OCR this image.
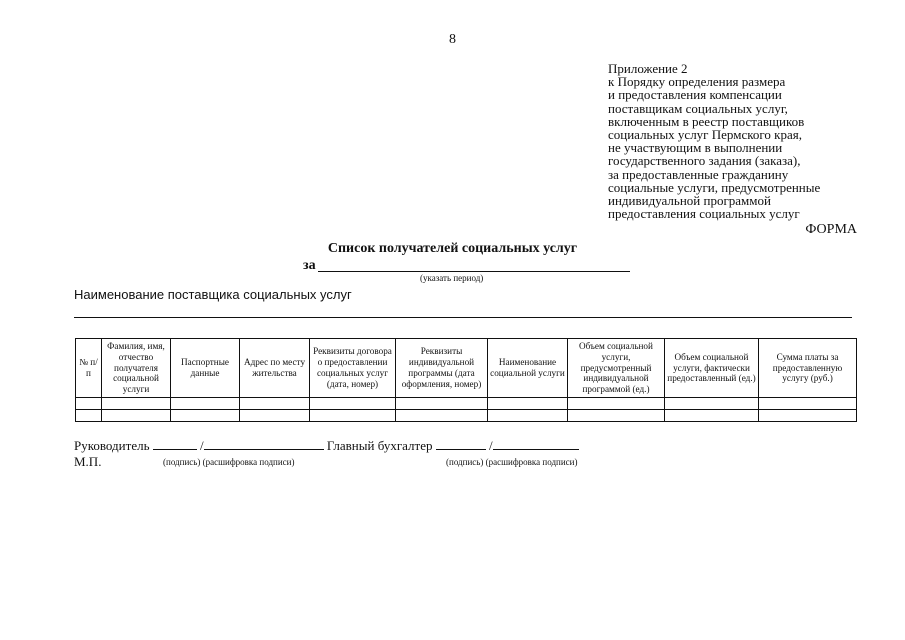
8
Приложение 2
к Порядку определения размера
и предоставления компенсации
поставщикам социальных услуг,
включенным в реестр поставщиков
социальных услуг Пермского края,
не участвующим в выполнении
государственного задания (заказа),
за предоставленные гражданину
социальные услуги, предусмотренные
индивидуальной программой
предоставления социальных услуг
ФОРМА
Список получателей социальных услуг
за
(указать период)
Наименование поставщика социальных услуг
№ п/п	Фамилия, имя, отчество получателя социальной услуги	Паспортные данные	Адрес по месту жительства	Реквизиты договора о предоставлении социальных услуг (дата, номер)	Реквизиты индивидуальной программы (дата оформления, номер)	Наименование социальной услуги	Объем социальной услуги, предусмотренный индивидуальной программой (ед.)	Объем социальной услуги, фактически предоставленный (ед.)	Сумма платы за предоставленную услугу (руб.)

Руководитель	/	Главный бухгалтер	/
М.П.	(подпись) (расшифровка подписи)	(подпись) (расшифровка подписи)
